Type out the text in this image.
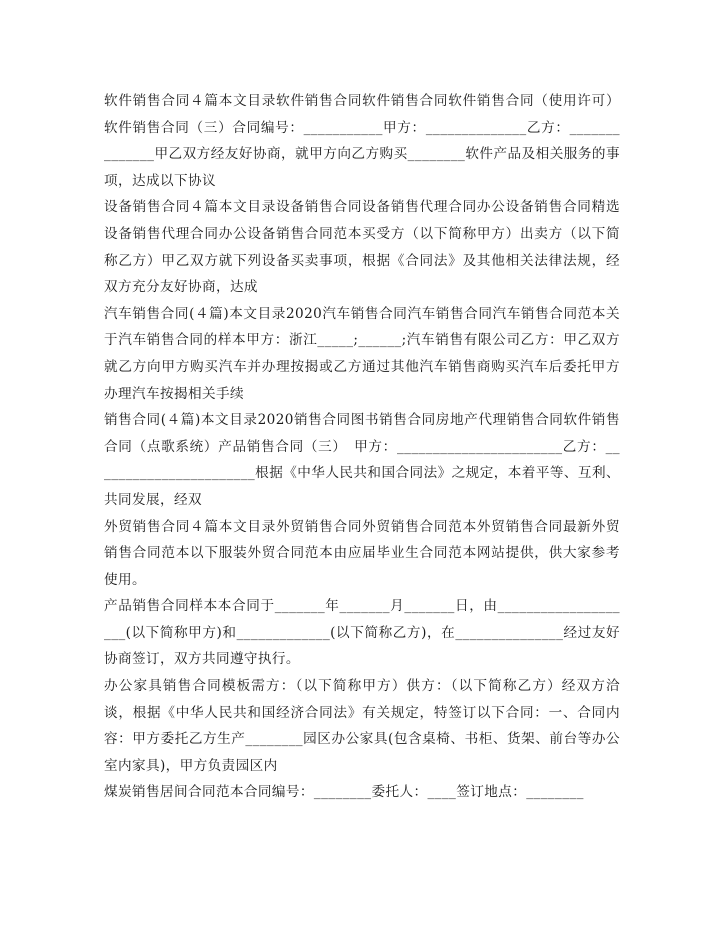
软件销售合同４篇本文目录软件销售合同软件销售合同软件销售合同（使用许可）软件销售合同（三）合同编号：___________甲方：______________乙方：______________甲乙双方经友好协商，就甲方向乙方购买________软件产品及相关服务的事项，达成以下协议

设备销售合同４篇本文目录设备销售合同设备销售代理合同办公设备销售合同精选设备销售代理合同办公设备销售合同范本买受方（以下简称甲方）出卖方（以下简称乙方）甲乙双方就下列设备买卖事项，根据《合同法》及其他相关法律法规，经双方充分友好协商，达成

汽车销售合同(４篇)本文目录2020汽车销售合同汽车销售合同汽车销售合同范本关于汽车销售合同的样本甲方：浙江_____;______;汽车销售有限公司乙方：甲乙双方就乙方向甲方购买汽车并办理按揭或乙方通过其他汽车销售商购买汽车后委托甲方办理汽车按揭相关手续

销售合同(４篇)本文目录2020销售合同图书销售合同房地产代理销售合同软件销售合同（点歌系统）产品销售合同（三）　甲方：_______________________乙方：_______________________根据《中华人民共和国合同法》之规定，本着平等、互利、共同发展，经双

外贸销售合同４篇本文目录外贸销售合同外贸销售合同范本外贸销售合同最新外贸销售合同范本以下服装外贸合同范本由应届毕业生合同范本网站提供，供大家参考使用。

产品销售合同样本本合同于_______年_______月_______日，由____________________(以下简称甲方)和_____________(以下简称乙方)，在_______________经过友好协商签订，双方共同遵守执行。

办公家具销售合同模板需方：（以下简称甲方）供方：（以下简称乙方）经双方洽谈，根据《中华人民共和国经济合同法》有关规定，特签订以下合同：一、合同内容：甲方委托乙方生产________园区办公家具(包含桌椅、书柜、货架、前台等办公室内家具)，甲方负责园区内

煤炭销售居间合同范本合同编号：________委托人：____签订地点：________
